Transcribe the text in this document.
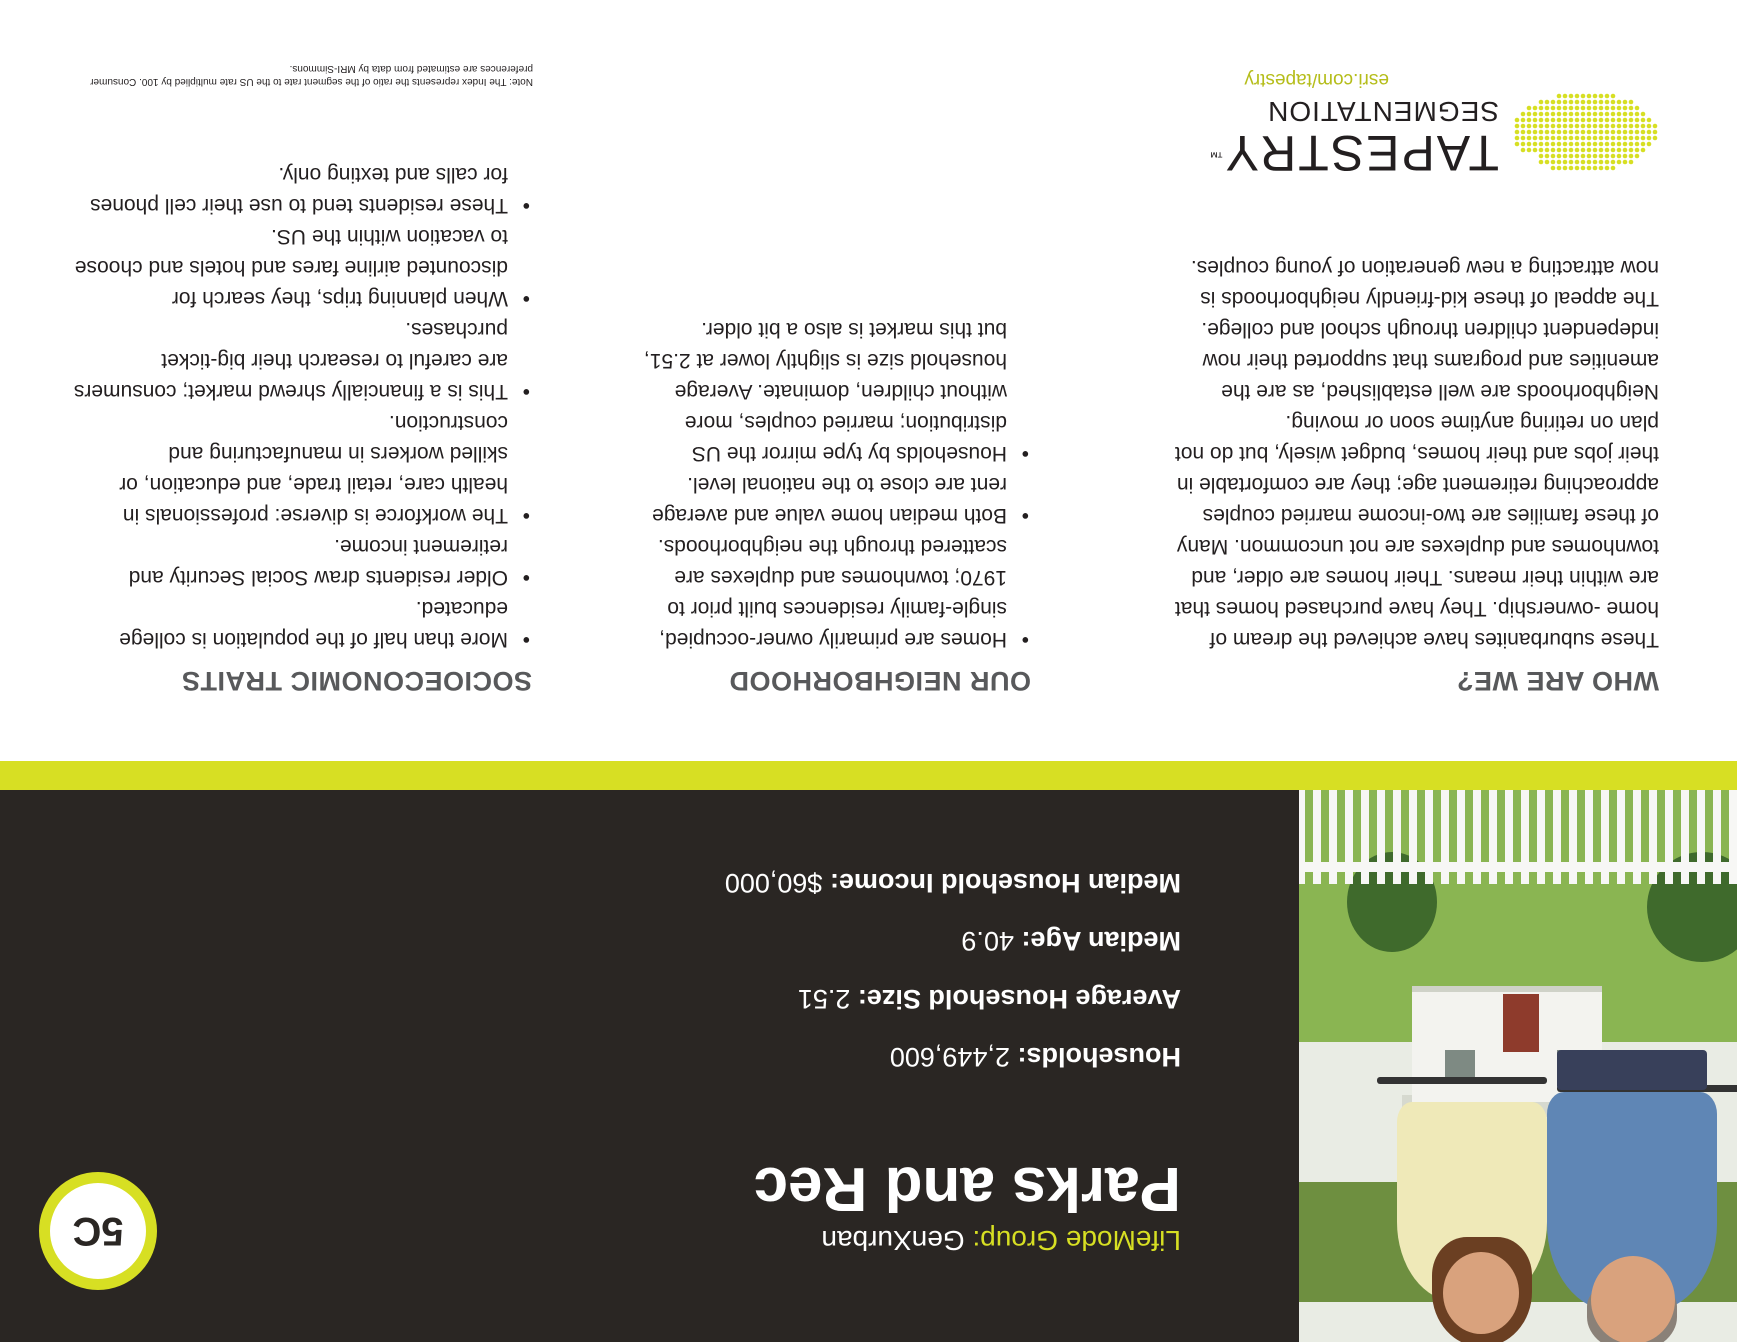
5C	LifeMode Group: GenXurban
Parks and Rec
Households: 2,449,600
Average Household Size: 2.51
Median Age: 40.9
Median Household Income: $60,000
WHO ARE WE?

These suburbanites have achieved the dream of home -ownership. They have purchased homes that are within their means. Their homes are older, and townhomes and duplexes are not uncommon. Many of these families are two-income married couples approaching retirement age; they are comfortable in their jobs and their homes, budget wisely, but do not plan on retiring anytime soon or moving. Neighborhoods are well established, as are the amenities and programs that supported their now independent children through school and college. The appeal of these kid-friendly neighborhoods is now attracting a new generation of young couples.

OUR NEIGHBORHOOD
• Homes are primarily owner-occupied, single-family residences built prior to 1970; townhomes and duplexes are scattered through the neighborhoods.
• Both median home value and average rent are close to the national level.
• Households by type mirror the US distribution; married couples, more without children, dominate. Average household size is slightly lower at 2.51, but this market is also a bit older.
SOCIOECONOMIC TRAITS
• More than half of the population is college educated.
• Older residents draw Social Security and retirement income.
• The workforce is diverse: professionals in health care, retail trade, and education, or skilled workers in manufacturing and construction.
• This is a financially shrewd market; consumers are careful to research their big-ticket purchases.
• When planning trips, they search for discounted airline fares and hotels and choose to vacation within the US.
• These residents tend to use their cell phones for calls and texting only.	TAPESTRY™
SEGMENTATION
esri.com/tapestry
Note: The Index represents the ratio of the segment rate to the US rate multiplied by 100. Consumer preferences are estimated from data by MRI-Simmons.
